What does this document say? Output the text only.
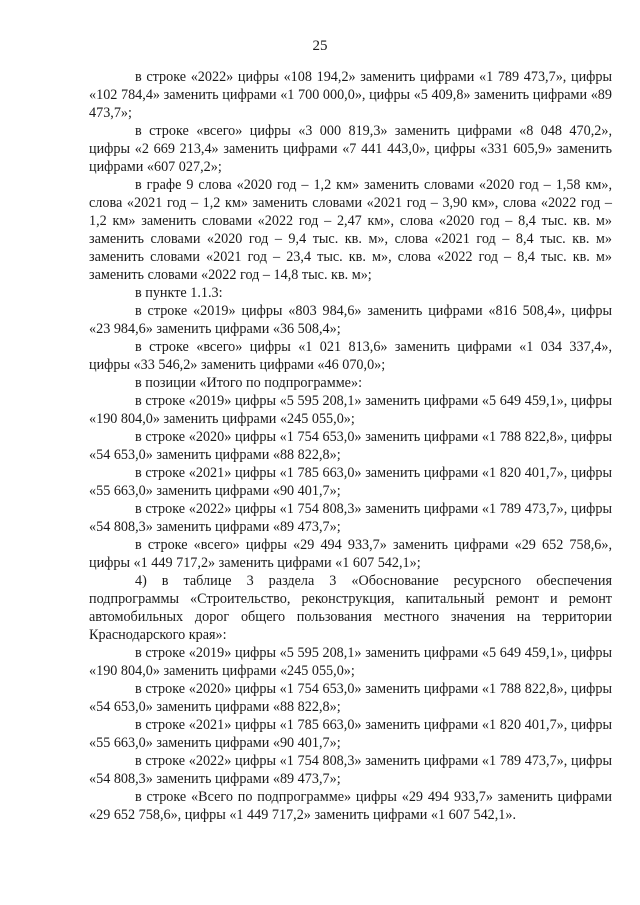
25

в строке «2022» цифры «108 194,2» заменить цифрами «1 789 473,7», цифры «102 784,4» заменить цифрами «1 700 000,0», цифры «5 409,8» заменить цифрами «89 473,7»;

в строке «всего» цифры «3 000 819,3» заменить цифрами «8 048 470,2», цифры «2 669 213,4» заменить цифрами «7 441 443,0», цифры «331 605,9» заменить цифрами «607 027,2»;

в графе 9 слова «2020 год – 1,2 км» заменить словами «2020 год – 1,58 км», слова «2021 год – 1,2 км» заменить словами «2021 год – 3,90 км», слова «2022 год – 1,2 км» заменить словами «2022 год – 2,47 км», слова «2020 год – 8,4 тыс. кв. м» заменить словами «2020 год – 9,4 тыс. кв. м», слова «2021 год – 8,4 тыс. кв. м» заменить словами «2021 год – 23,4 тыс. кв. м», слова «2022 год – 8,4 тыс. кв. м» заменить словами «2022 год – 14,8 тыс. кв. м»;

в пункте 1.1.3:

в строке «2019» цифры «803 984,6» заменить цифрами «816 508,4», цифры «23 984,6» заменить цифрами «36 508,4»;

в строке «всего» цифры «1 021 813,6» заменить цифрами «1 034 337,4», цифры «33 546,2» заменить цифрами «46 070,0»;

в позиции «Итого по подпрограмме»:

в строке «2019» цифры «5 595 208,1» заменить цифрами «5 649 459,1», цифры «190 804,0» заменить цифрами «245 055,0»;

в строке «2020» цифры «1 754 653,0» заменить цифрами «1 788 822,8», цифры «54 653,0» заменить цифрами «88 822,8»;

в строке «2021» цифры «1 785 663,0» заменить цифрами «1 820 401,7», цифры «55 663,0» заменить цифрами «90 401,7»;

в строке «2022» цифры «1 754 808,3» заменить цифрами «1 789 473,7», цифры «54 808,3» заменить цифрами «89 473,7»;

в строке «всего» цифры «29 494 933,7» заменить цифрами «29 652 758,6», цифры «1 449 717,2» заменить цифрами «1 607 542,1»;

4) в таблице 3 раздела 3 «Обоснование ресурсного обеспечения подпрограммы «Строительство, реконструкция, капитальный ремонт и ремонт автомобильных дорог общего пользования местного значения на территории Краснодарского края»:

в строке «2019» цифры «5 595 208,1» заменить цифрами «5 649 459,1», цифры «190 804,0» заменить цифрами «245 055,0»;

в строке «2020» цифры «1 754 653,0» заменить цифрами «1 788 822,8», цифры «54 653,0» заменить цифрами «88 822,8»;

в строке «2021» цифры «1 785 663,0» заменить цифрами «1 820 401,7», цифры «55 663,0» заменить цифрами «90 401,7»;

в строке «2022» цифры «1 754 808,3» заменить цифрами «1 789 473,7», цифры «54 808,3» заменить цифрами «89 473,7»;

в строке «Всего по подпрограмме» цифры «29 494 933,7» заменить цифрами «29 652 758,6», цифры «1 449 717,2» заменить цифрами «1 607 542,1».
